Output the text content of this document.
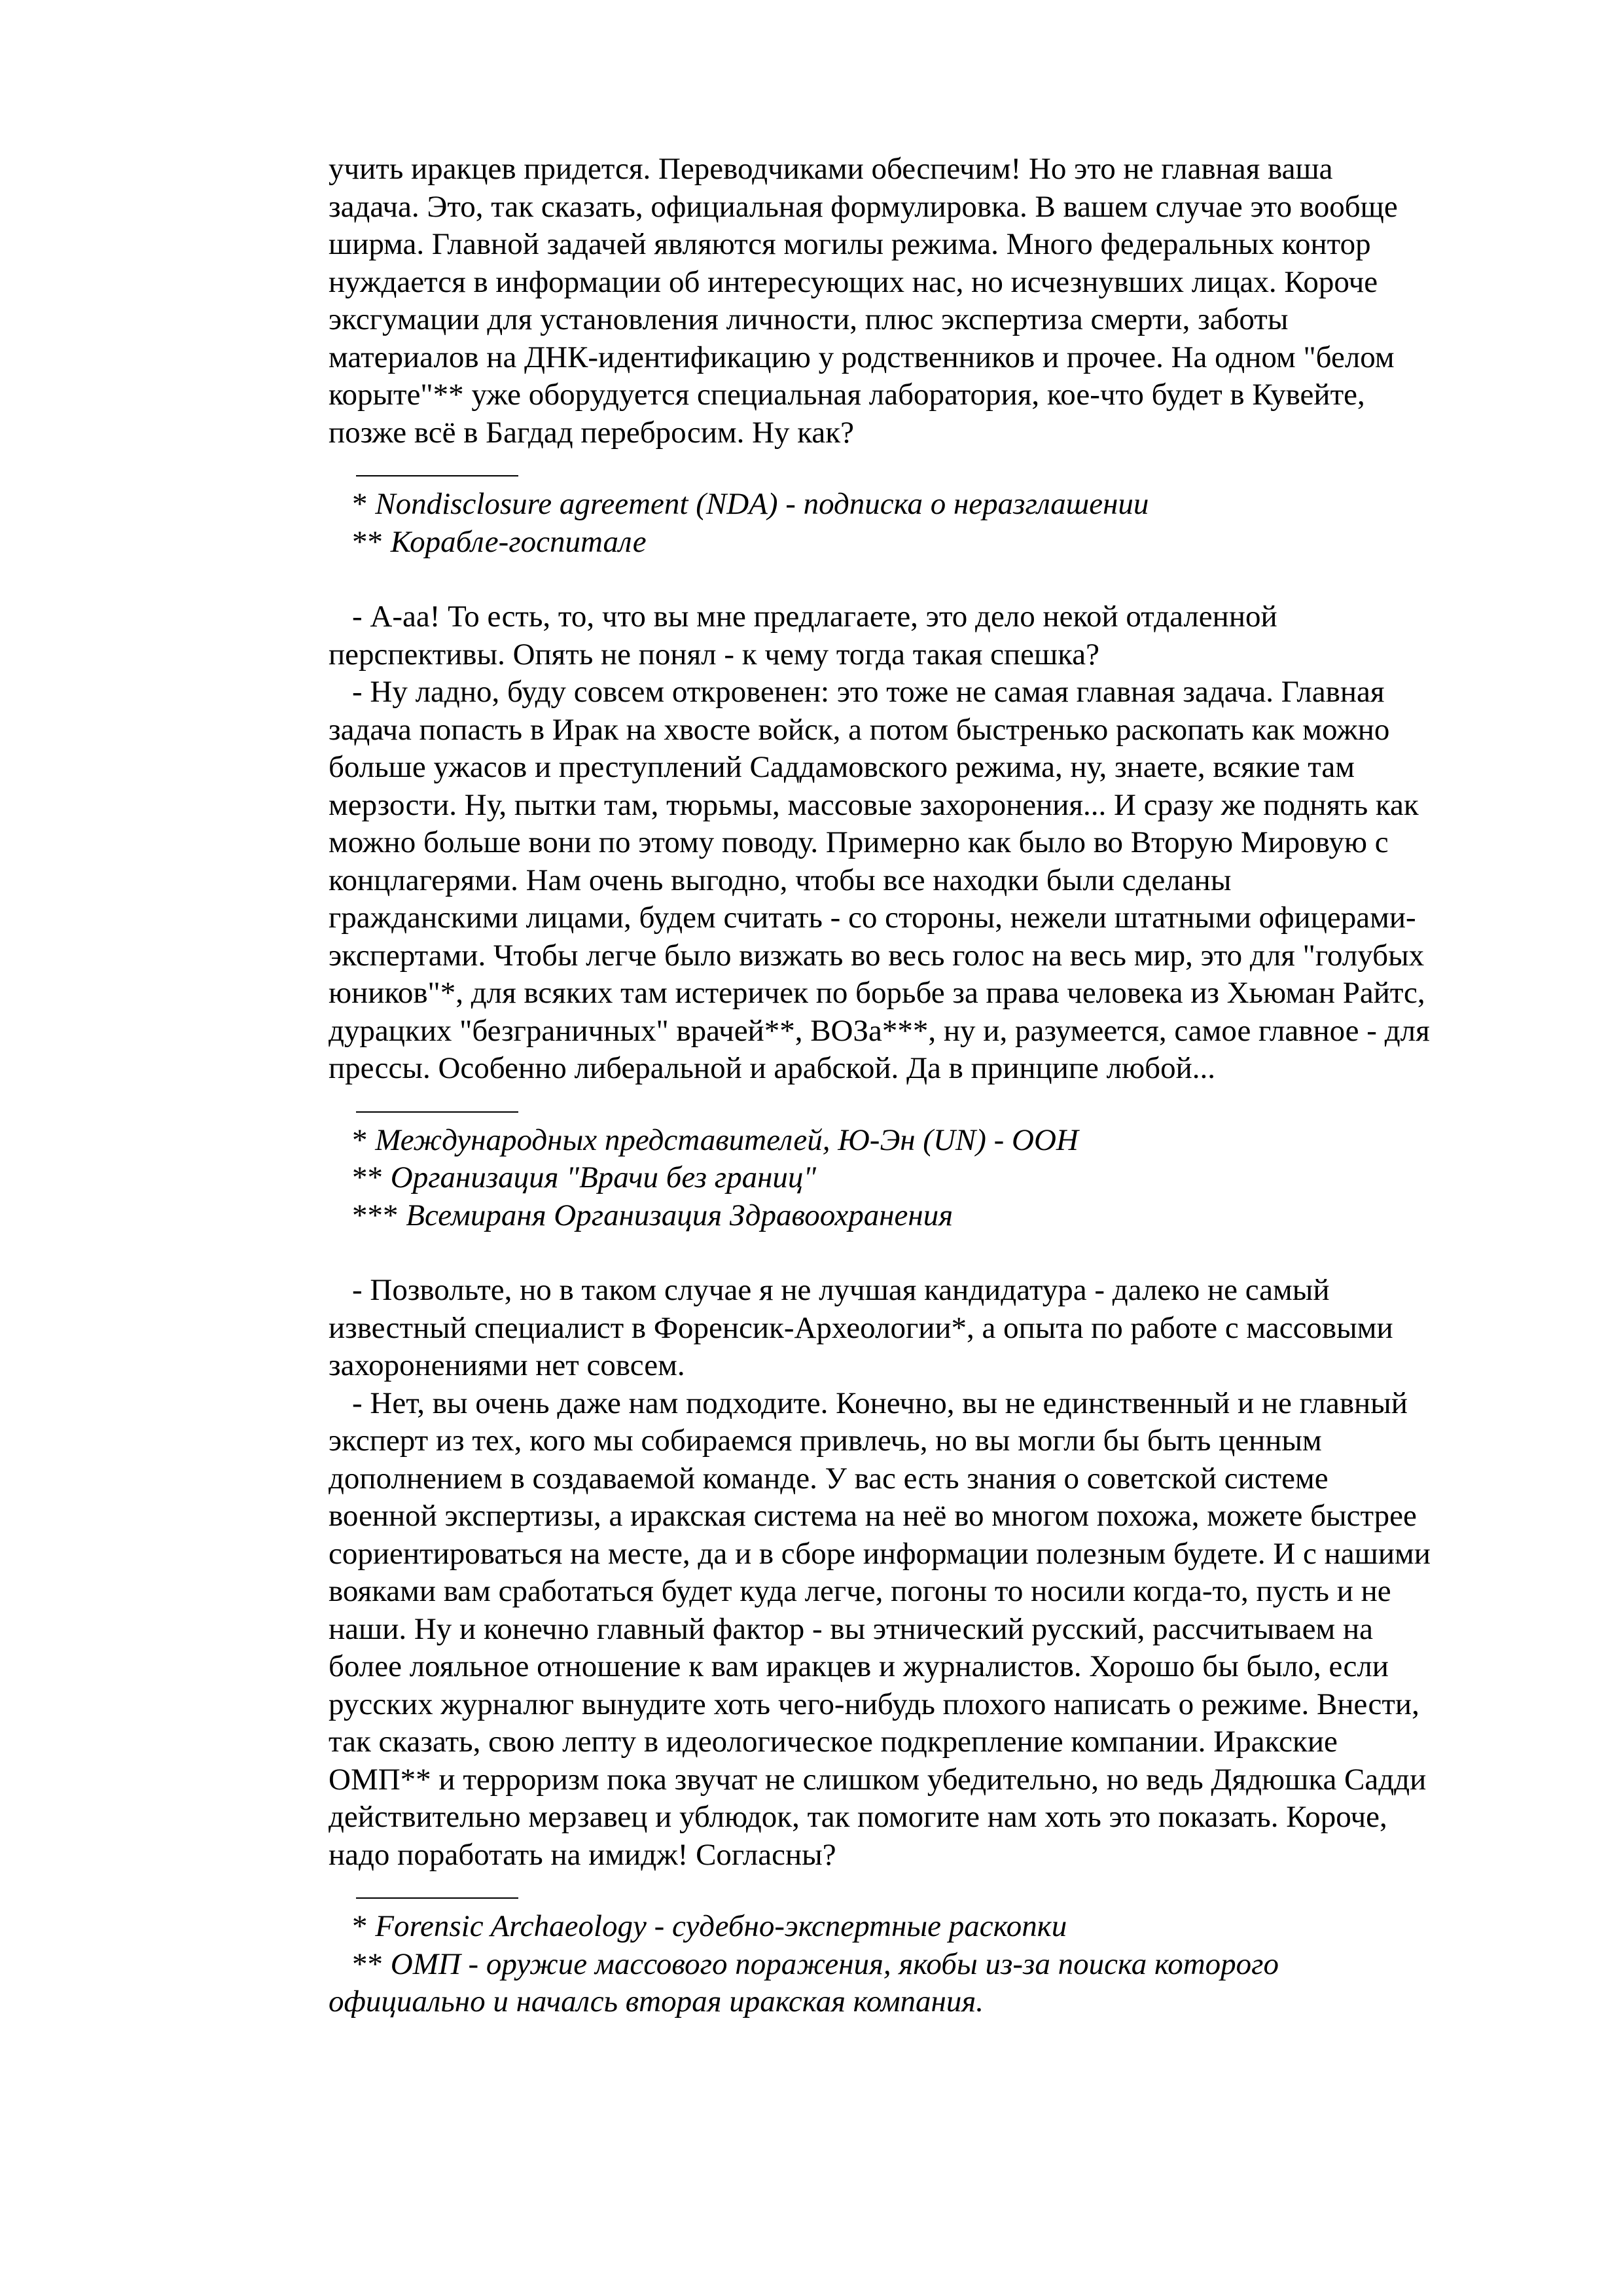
учить иракцев придется. Переводчиками обеспечим! Но это не главная ваша
задача. Это, так сказать, официальная формулировка. В вашем случае это вообще
ширма. Главной задачей являются могилы режима. Много федеральных контор
нуждается в информации об интересующих нас, но исчезнувших лицах. Короче
эксгумации для установления личности, плюс экспертиза смерти, заботы
материалов на ДНК-идентификацию у родственников и прочее. На одном "белом
корыте"** уже оборудуется специальная лаборатория, кое-что будет в Кувейте,
позже всё в Багдад перебросим. Ну как?
* Nondisclosure agreement (NDA) - подписка о неразглашении
** Корабле-госпитале
- А-аа! То есть, то, что вы мне предлагаете, это дело некой отдаленной
перспективы. Опять не понял - к чему тогда такая спешка?
- Ну ладно, буду совсем откровенен: это тоже не самая главная задача. Главная
задача попасть в Ирак на хвосте войск, а потом быстренько раскопать как можно
больше ужасов и преступлений Саддамовского режима, ну, знаете, всякие там
мерзости. Ну, пытки там, тюрьмы, массовые захоронения... И сразу же поднять как
можно больше вони по этому поводу. Примерно как было во Вторую Мировую с
концлагерями. Нам очень выгодно, чтобы все находки были сделаны
гражданскими лицами, будем считать - со стороны, нежели штатными офицерами-
экспертами. Чтобы легче было визжать во весь голос на весь мир, это для "голубых
юников"*, для всяких там истеричек по борьбе за права человека из Хьюман Райтс,
дурацких "безграничных" врачей**, ВОЗа***, ну и, разумеется, самое главное - для
прессы. Особенно либеральной и арабской. Да в принципе любой...
* Международных представителей, Ю-Эн (UN) - ООН
** Организация "Врачи без границ"
*** Всемираня Организация Здравоохранения
- Позвольте, но в таком случае я не лучшая кандидатура - далеко не самый
известный специалист в Форенсик-Археологии*, а опыта по работе с массовыми
захоронениями нет совсем.
- Нет, вы очень даже нам подходите. Конечно, вы не единственный и не главный
эксперт из тех, кого мы собираемся привлечь, но вы могли бы быть ценным
дополнением в создаваемой команде. У вас есть знания о советской системе
военной экспертизы, а иракская система на неё во многом похожа, можете быстрее
сориентироваться на месте, да и в сборе информации полезным будете. И с нашими
вояками вам сработаться будет куда легче, погоны то носили когда-то, пусть и не
наши. Ну и конечно главный фактор - вы этнический русский, рассчитываем на
более лояльное отношение к вам иракцев и журналистов. Хорошо бы было, если
русских журналюг вынудите хоть чего-нибудь плохого написать о режиме. Внести,
так сказать, свою лепту в идеологическое подкрепление компании. Иракские
ОМП** и терроризм пока звучат не слишком убедительно, но ведь Дядюшка Садди
действительно мерзавец и ублюдок, так помогите нам хоть это показать. Короче,
надо поработать на имидж! Согласны?
* Forensic Archaeology - судебно-экспертные раскопки
** ОМП - оружие массового поражения, якобы из-за поиска которого
официально и началсь вторая иракская компания.
